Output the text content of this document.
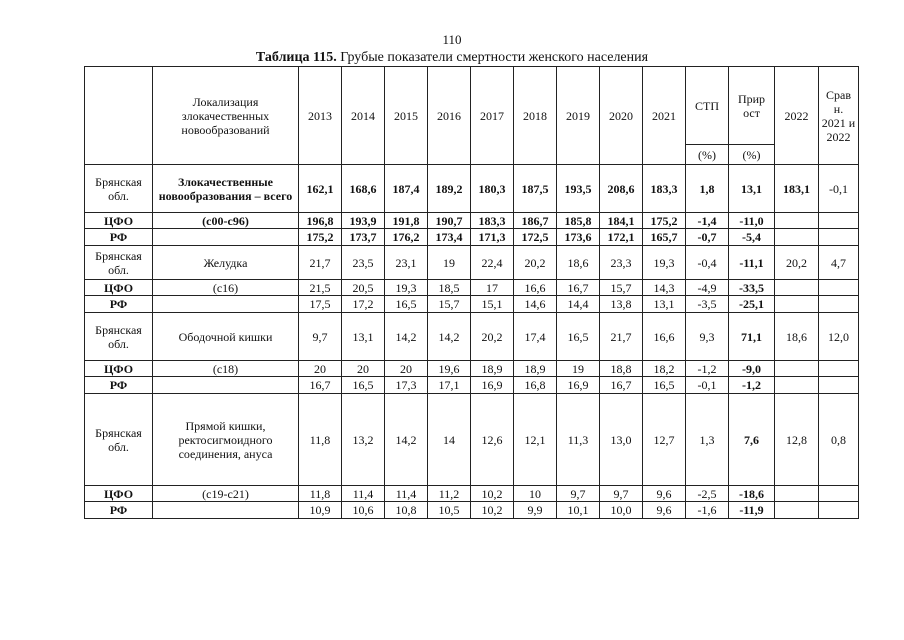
110
Таблица 115. Грубые показатели смертности женского населения
	Локализация злокачественных новообразований	2013	2014	2015	2016	2017	2018	2019	2020	2021	СТП	Прир ост	2022	Срав н. 2021 и 2022
											(%)	(%)		
Брянская обл.	Злокачественные
новообразования – всего	162,1	168,6	187,4	189,2	180,3	187,5	193,5	208,6	183,3	1,8	13,1	183,1	-0,1
ЦФО	(c00-c96)	196,8	193,9	191,8	190,7	183,3	186,7	185,8	184,1	175,2	-1,4	-11,0		
РФ		175,2	173,7	176,2	173,4	171,3	172,5	173,6	172,1	165,7	-0,7	-5,4		
Брянская обл.	Желудка	21,7	23,5	23,1	19	22,4	20,2	18,6	23,3	19,3	-0,4	-11,1	20,2	4,7
ЦФО	(c16)	21,5	20,5	19,3	18,5	17	16,6	16,7	15,7	14,3	-4,9	-33,5		
РФ		17,5	17,2	16,5	15,7	15,1	14,6	14,4	13,8	13,1	-3,5	-25,1		
Брянская обл.	Ободочной кишки	9,7	13,1	14,2	14,2	20,2	17,4	16,5	21,7	16,6	9,3	71,1	18,6	12,0
ЦФО	(c18)	20	20	20	19,6	18,9	18,9	19	18,8	18,2	-1,2	-9,0		
РФ		16,7	16,5	17,3	17,1	16,9	16,8	16,9	16,7	16,5	-0,1	-1,2		
Брянская обл.	Прямой кишки,
ректосигмоидного
соединения, ануса	11,8	13,2	14,2	14	12,6	12,1	11,3	13,0	12,7	1,3	7,6	12,8	0,8
ЦФО	(c19-c21)	11,8	11,4	11,4	11,2	10,2	10	9,7	9,7	9,6	-2,5	-18,6		
РФ		10,9	10,6	10,8	10,5	10,2	9,9	10,1	10,0	9,6	-1,6	-11,9		
